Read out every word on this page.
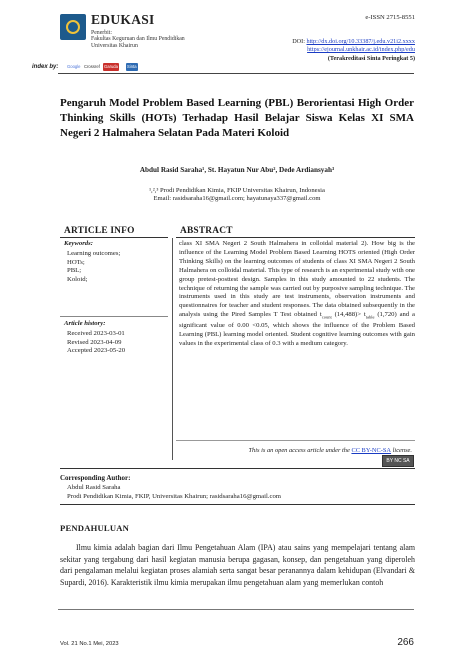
EDUKASI
Penerbit:
Fakultas Keguruan dan Ilmu Pendidikan
Universitas Khairun
e-ISSN 2715-8551
DOI: http://dx.doi.org/10.33387/j.edu.v21i2.xxxx
https://ejournal.unkhair.ac.id/index.php/edu
(Terakreditasi Sinta Peringkat 5)
index by: Google Crossref Garuda Sinta
Pengaruh Model Problem Based Learning (PBL) Berorientasi High Order Thinking Skills (HOTs) Terhadap Hasil Belajar Siswa Kelas XI SMA Negeri 2 Halmahera Selatan Pada Materi Koloid
Abdul Rasid Saraha¹, St. Hayatun Nur Abu², Dede Ardiansyah³
¹,²,³ Prodi Pendidikan Kimia, FKIP Universitas Khairun, Indonesia
Email: rasidsaraha16@gmail.com; hayatunaya337@gmail.com
ARTICLE INFO	ABSTRACT
Keywords:
Learning outcomes;
HOTs;
PBL;
Koloid;
Article history:
Received 2023-03-01
Revised 2023-04-09
Accepted 2023-05-20
class XI SMA Negeri 2 South Halmahera in colloidal material 2). How big is the influence of the Learning Model Problem Based Learning HOTS oriented (High Order Thinking Skills) on the learning outcomes of students of class XI SMA Negeri 2 South Halmahera on colloidal material. This type of research is an experimental study with one group pretest-posttest design. Samples in this study amounted to 22 students. The technique of returning the sample was carried out by purposive sampling technique. The instruments used in this study are test instruments, observation instruments and questionnaires for teacher and student responses. The data obtained subsequently in the analysis using the Pired Samples T Test obtained $t_{count}$ $(14,488)> t_{table}$ (1,720) and a significant value of 0.00 <0.05, which shows the influence of the Problem Based Learning (PBL) learning model oriented. Student cognitive learning outcomes with gain values in the experimental class of 0.3 with a medium category.
This is an open access article under the CC BY-NC-SA license.
BY NC SA
Corresponding Author:
Abdul Rasid Saraha
Prodi Pendidikan Kimia, FKIP, Universitas Khairun; rasidsaraha16@gmail.com
PENDAHULUAN

Ilmu kimia adalah bagian dari Ilmu Pengetahuan Alam (IPA) atau sains yang mempelajari tentang alam sekitar yang tergabung dari hasil kegiatan manusia berupa gagasan, konsep, dan pengetahuan yang diperoleh dari pengalaman melalui kegiatan proses alamiah serta sangat besar peranannya dalam kehidupan (Elvandari & Supardi, 2016). Karakteristik ilmu kimia merupakan ilmu pengetahuan alam yang memerlukan contoh

Vol. 21 No.1 Mei, 2023	266
